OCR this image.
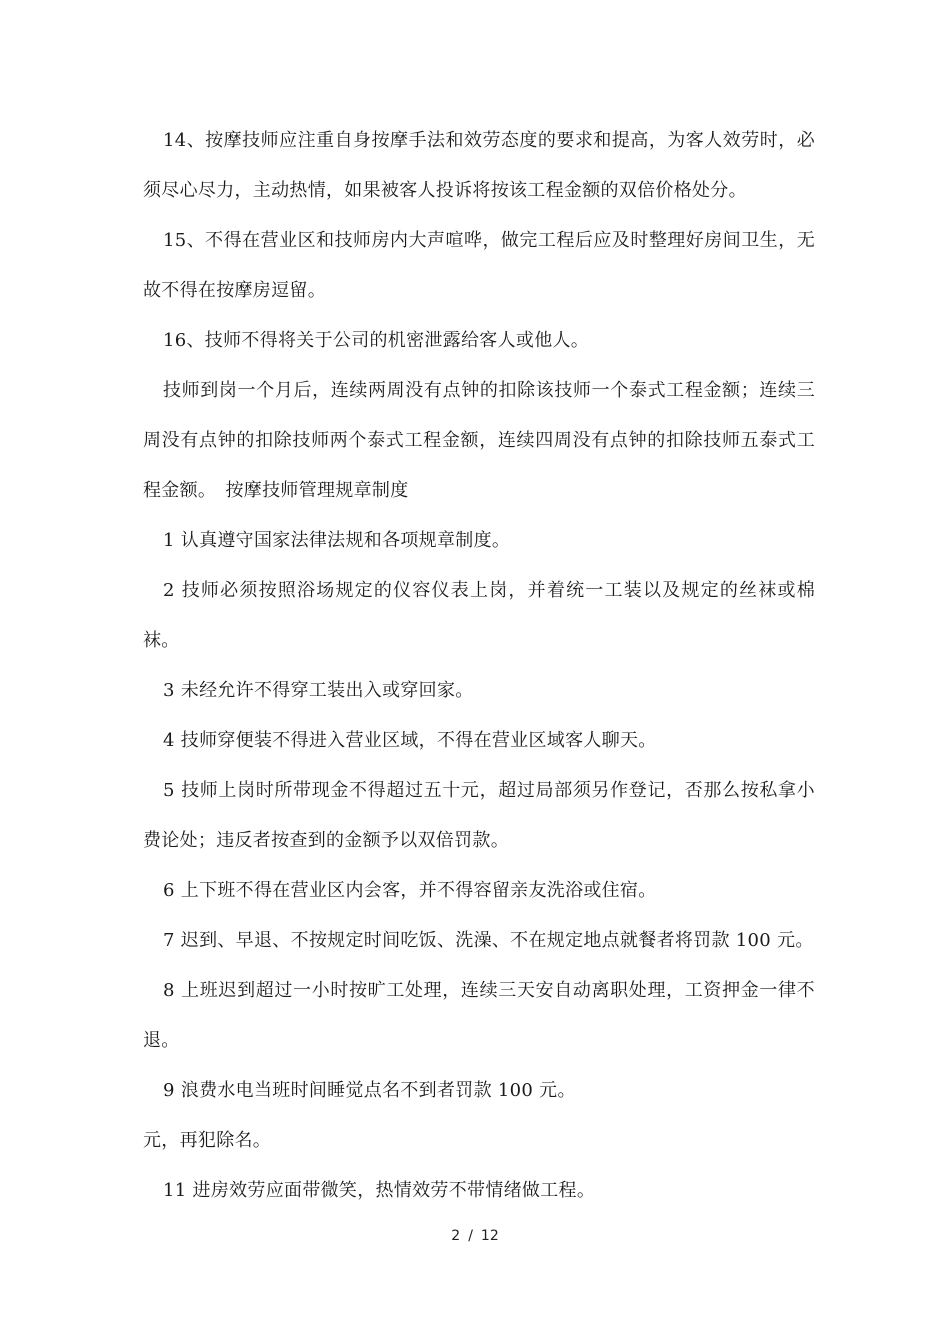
14、按摩技师应注重自身按摩手法和效劳态度的要求和提高，为客人效劳时，必须尽心尽力，主动热情，如果被客人投诉将按该工程金额的双倍价格处分。

15、不得在营业区和技师房内大声喧哗，做完工程后应及时整理好房间卫生，无故不得在按摩房逗留。

16、技师不得将关于公司的机密泄露给客人或他人。

技师到岗一个月后，连续两周没有点钟的扣除该技师一个泰式工程金额；连续三周没有点钟的扣除技师两个泰式工程金额，连续四周没有点钟的扣除技师五泰式工程金额。　按摩技师管理规章制度

1 认真遵守国家法律法规和各项规章制度。

2 技师必须按照浴场规定的仪容仪表上岗，并着统一工装以及规定的丝袜或棉袜。

3 未经允许不得穿工装出入或穿回家。

4 技师穿便装不得进入营业区域，不得在营业区域客人聊天。

5 技师上岗时所带现金不得超过五十元，超过局部须另作登记，否那么按私拿小费论处；违反者按查到的金额予以双倍罚款。

6 上下班不得在营业区内会客，并不得容留亲友洗浴或住宿。

7 迟到、早退、不按规定时间吃饭、洗澡、不在规定地点就餐者将罚款 100 元。

8 上班迟到超过一小时按旷工处理，连续三天安自动离职处理，工资押金一律不退。

9 浪费水电当班时间睡觉点名不到者罚款 100 元。

元，再犯除名。

11 进房效劳应面带微笑，热情效劳不带情绪做工程。

2 / 12
